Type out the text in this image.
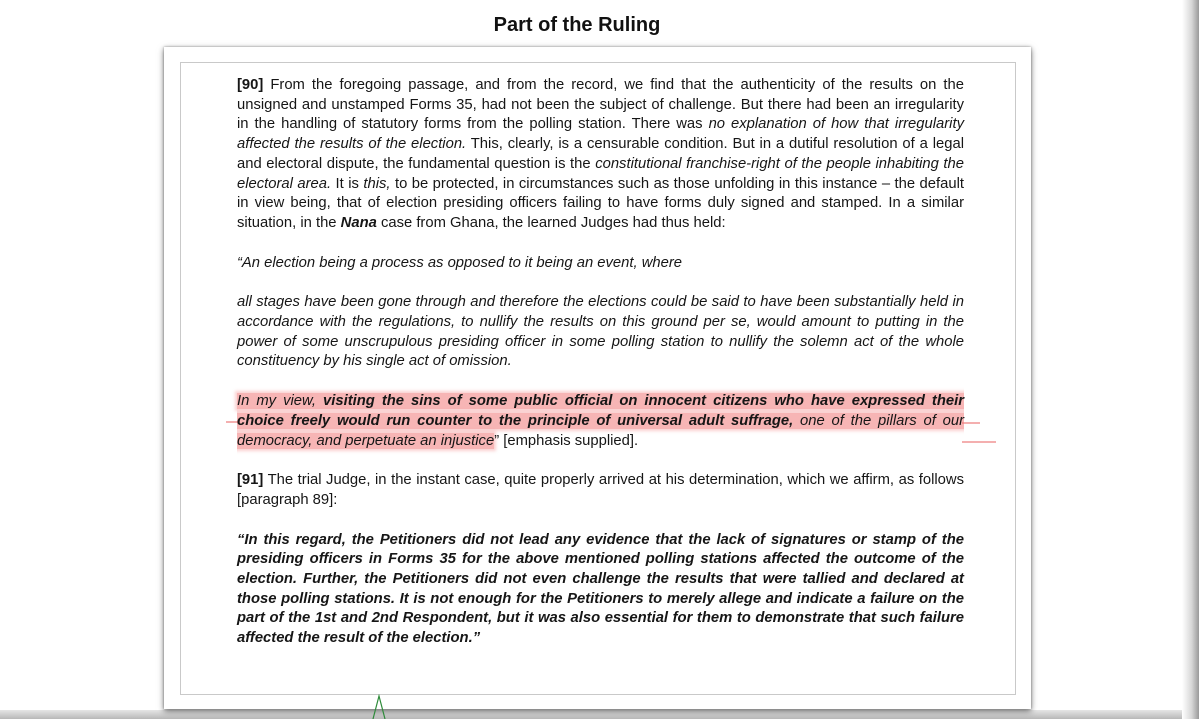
Part of the Ruling

[90] From the foregoing passage, and from the record, we find that the authenticity of the results on the unsigned and unstamped Forms 35, had not been the subject of challenge. But there had been an irregularity in the handling of statutory forms from the polling station. There was no explanation of how that irregularity affected the results of the election. This, clearly, is a censurable condition. But in a dutiful resolution of a legal and electoral dispute, the fundamental question is the constitutional franchise-right of the people inhabiting the electoral area. It is this, to be protected, in circumstances such as those unfolding in this instance – the default in view being, that of election presiding officers failing to have forms duly signed and stamped. In a similar situation, in the Nana case from Ghana, the learned Judges had thus held:

“An election being a process as opposed to it being an event, where

all stages have been gone through and therefore the elections could be said to have been substantially held in accordance with the regulations, to nullify the results on this ground per se, would amount to putting in the power of some unscrupulous presiding officer in some polling station to nullify the solemn act of the whole constituency by his single act of omission.

In my view, visiting the sins of some public official on innocent citizens who have expressed their choice freely would run counter to the principle of universal adult suffrage, one of the pillars of our democracy, and perpetuate an injustice” [emphasis supplied].

[91] The trial Judge, in the instant case, quite properly arrived at his determination, which we affirm, as follows [paragraph 89]:

“In this regard, the Petitioners did not lead any evidence that the lack of signatures or stamp of the presiding officers in Forms 35 for the above mentioned polling stations affected the outcome of the election. Further, the Petitioners did not even challenge the results that were tallied and declared at those polling stations. It is not enough for the Petitioners to merely allege and indicate a failure on the part of the 1st and 2nd Respondent, but it was also essential for them to demonstrate that such failure affected the result of the election.”
